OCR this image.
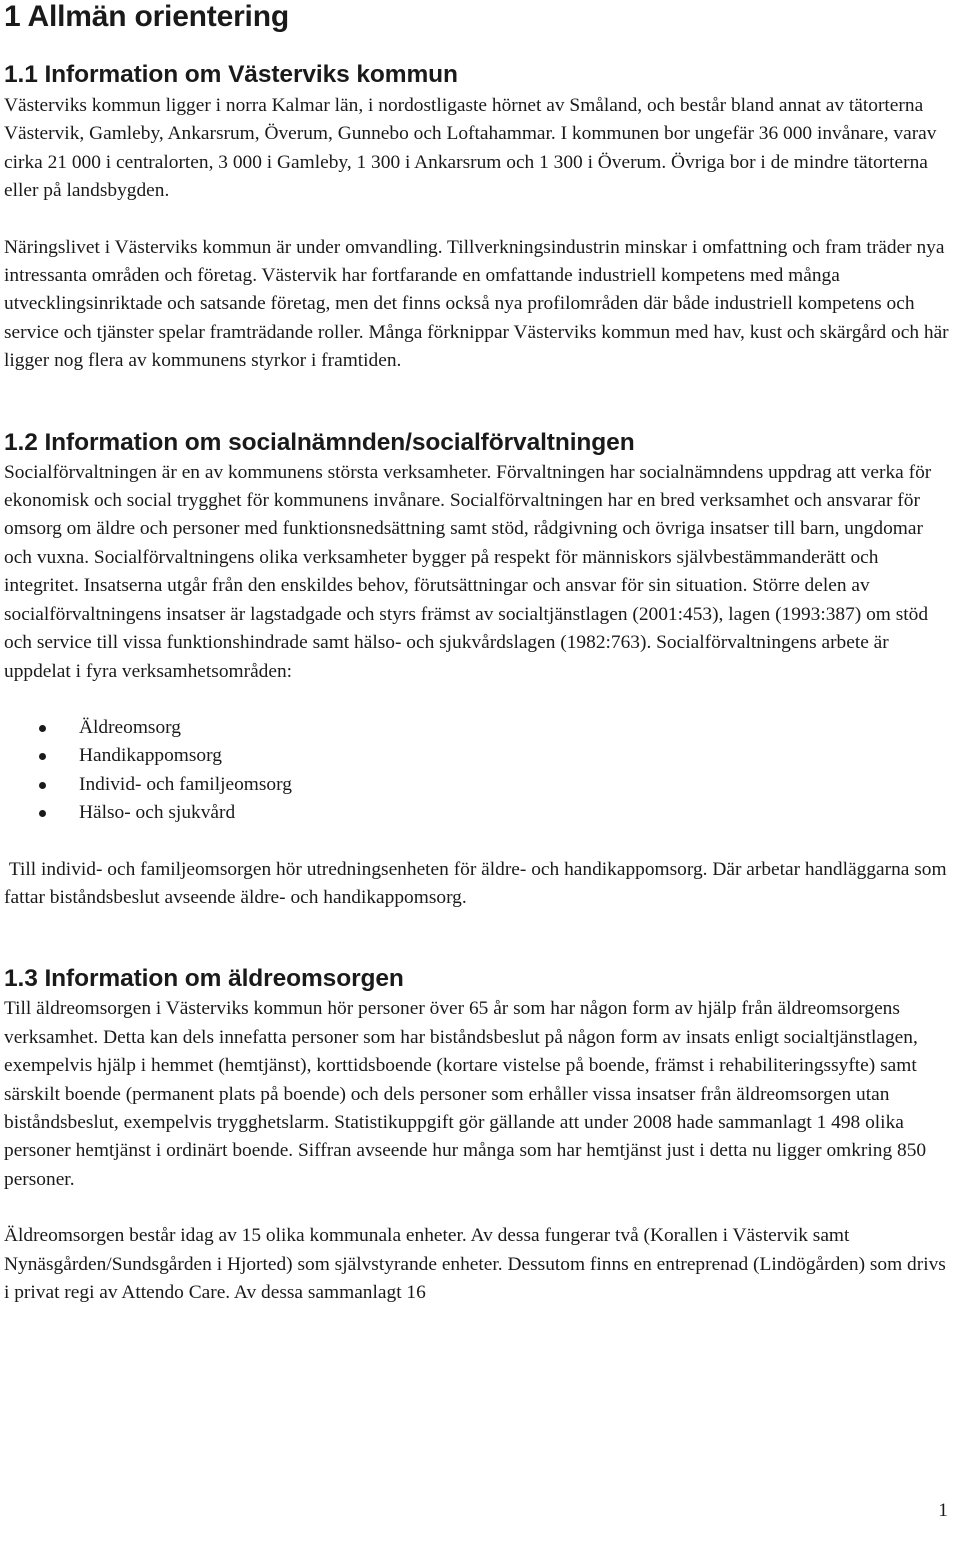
1 Allmän orientering
1.1 Information om Västerviks kommun

Västerviks kommun ligger i norra Kalmar län, i nordostligaste hörnet av Småland, och består bland annat av tätorterna Västervik, Gamleby, Ankarsrum, Överum, Gunnebo och Loftahammar. I kommunen bor ungefär 36 000 invånare, varav cirka 21 000 i centralorten, 3 000 i Gamleby, 1 300 i Ankarsrum och 1 300 i Överum. Övriga bor i de mindre tätorterna eller på landsbygden.

Näringslivet i Västerviks kommun är under omvandling. Tillverkningsindustrin minskar i omfattning och fram träder nya intressanta områden och företag. Västervik har fortfarande en omfattande industriell kompetens med många utvecklingsinriktade och satsande företag, men det finns också nya profilområden där både industriell kompetens och service och tjänster spelar framträdande roller. Många förknippar Västerviks kommun med hav, kust och skärgård och här ligger nog flera av kommunens styrkor i framtiden.

1.2 Information om socialnämnden/socialförvaltningen

Socialförvaltningen är en av kommunens största verksamheter. Förvaltningen har socialnämndens uppdrag att verka för ekonomisk och social trygghet för kommunens invånare. Socialförvaltningen har en bred verksamhet och ansvarar för omsorg om äldre och personer med funktionsnedsättning samt stöd, rådgivning och övriga insatser till barn, ungdomar och vuxna. Socialförvaltningens olika verksamheter bygger på respekt för människors självbestämmanderätt och integritet. Insatserna utgår från den enskildes behov, förutsättningar och ansvar för sin situation. Större delen av socialförvaltningens insatser är lagstadgade och styrs främst av socialtjänstlagen (2001:453), lagen (1993:387) om stöd och service till vissa funktionshindrade samt hälso- och sjukvårdslagen (1982:763). Socialförvaltningens arbete är uppdelat i fyra verksamhetsområden:

Äldreomsorg
Handikappomsorg
Individ- och familjeomsorg
Hälso- och sjukvård

Till individ- och familjeomsorgen hör utredningsenheten för äldre- och handikappomsorg. Där arbetar handläggarna som fattar biståndsbeslut avseende äldre- och handikappomsorg.

1.3 Information om äldreomsorgen

Till äldreomsorgen i Västerviks kommun hör personer över 65 år som har någon form av hjälp från äldreomsorgens verksamhet. Detta kan dels innefatta personer som har biståndsbeslut på någon form av insats enligt socialtjänstlagen, exempelvis hjälp i hemmet (hemtjänst), korttidsboende (kortare vistelse på boende, främst i rehabiliteringssyfte) samt särskilt boende (permanent plats på boende) och dels personer som erhåller vissa insatser från äldreomsorgen utan biståndsbeslut, exempelvis trygghetslarm. Statistikuppgift gör gällande att under 2008 hade sammanlagt 1 498 olika personer hemtjänst i ordinärt boende. Siffran avseende hur många som har hemtjänst just i detta nu ligger omkring 850 personer.

Äldreomsorgen består idag av 15 olika kommunala enheter. Av dessa fungerar två (Korallen i Västervik samt Nynäsgården/Sundsgården i Hjorted) som självstyrande enheter. Dessutom finns en entreprenad (Lindögården) som drivs i privat regi av Attendo Care. Av dessa sammanlagt 16

1
